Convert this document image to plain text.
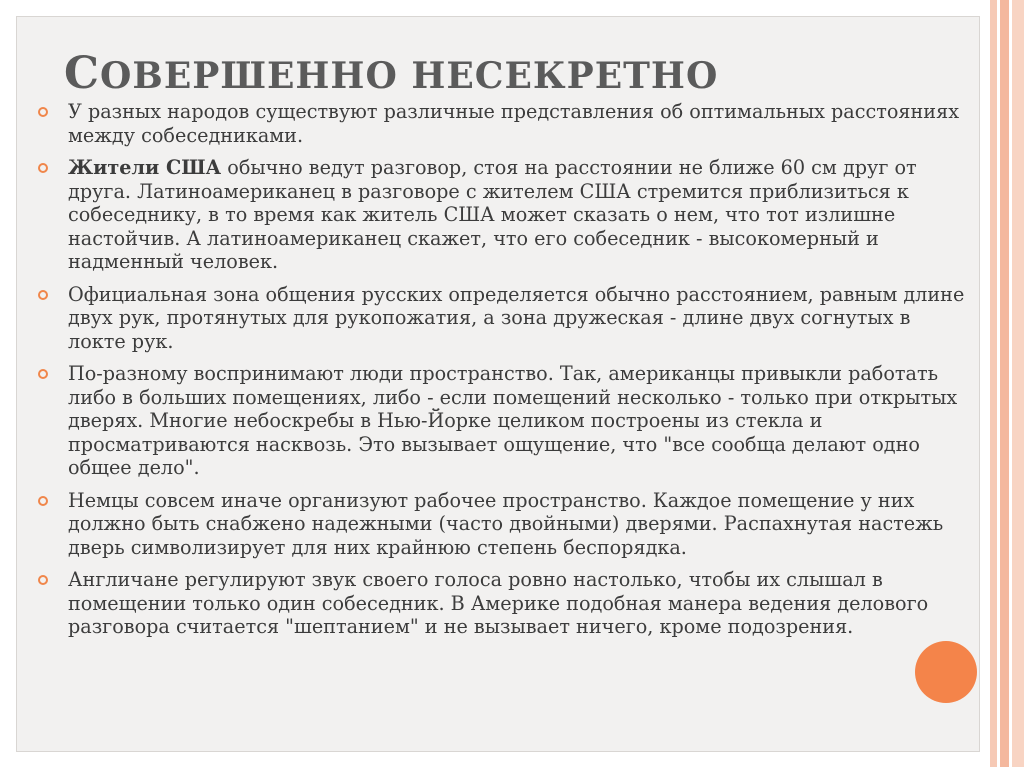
СОВЕРШЕННО НЕСЕКРЕТНО
У разных народов существуют различные представления об оптимальных расстояниях между собеседниками.
Жители США обычно ведут разговор, стоя на расстоянии не ближе 60 см друг от друга. Латиноамериканец в разговоре с жителем США стремится приблизиться к собеседнику, в то время как житель США может сказать о нем, что тот излишне настойчив. А латиноамериканец скажет, что его собеседник - высокомерный и надменный человек.
Официальная зона общения русских определяется обычно расстоянием, равным длине двух рук, протянутых для рукопожатия, а зона дружеская - длине двух согнутых в локте рук.
По-разному воспринимают люди пространство. Так, американцы привыкли работать либо в больших помещениях, либо - если помещений несколько - только при открытых дверях. Многие небоскребы в Нью-Йорке целиком построены из стекла и просматриваются насквозь. Это вызывает ощущение, что "все сообща делают одно общее дело".
Немцы совсем иначе организуют рабочее пространство. Каждое помещение у них должно быть снабжено надежными (часто двойными) дверями. Распахнутая настежь дверь символизирует для них крайнюю степень беспорядка.
Англичане регулируют звук своего голоса ровно настолько, чтобы их слышал в помещении только один собеседник. В Америке подобная манера ведения делового разговора считается "шептанием" и не вызывает ничего, кроме подозрения.
